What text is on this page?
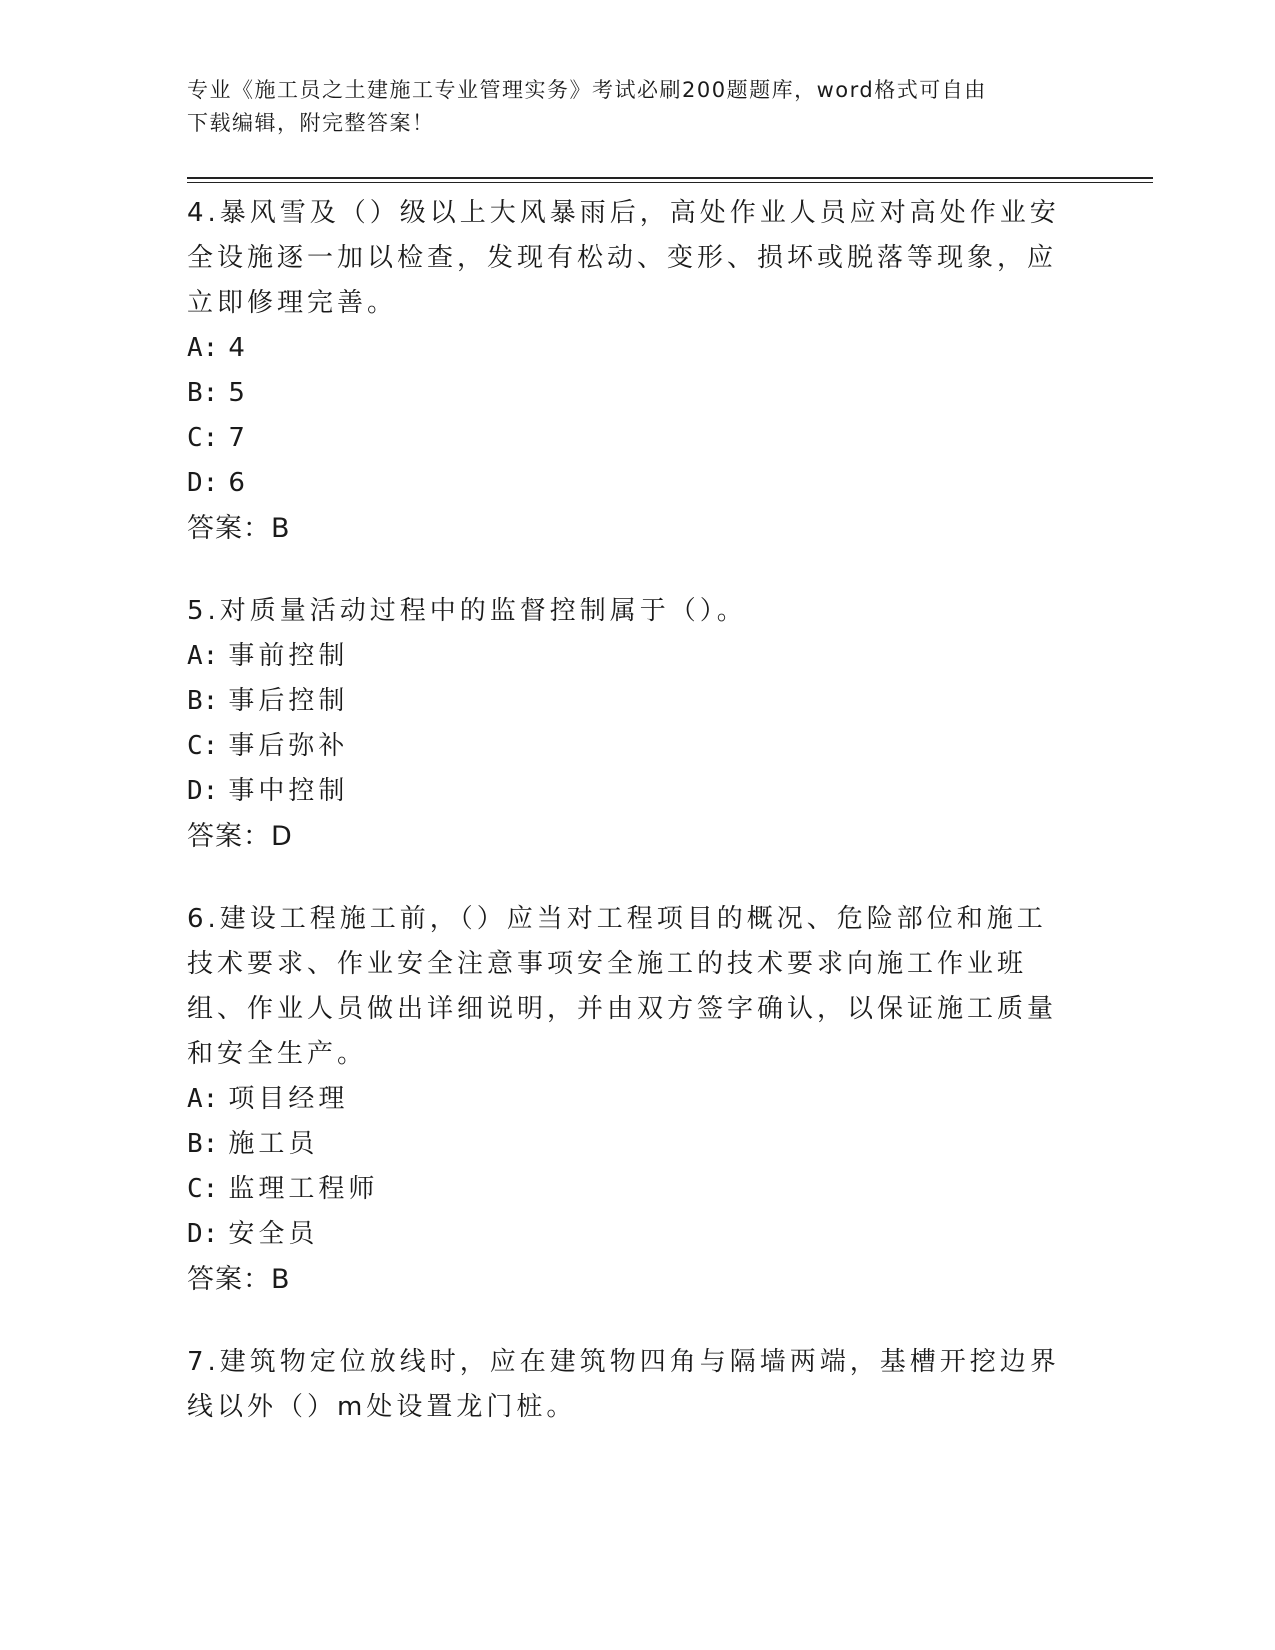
专业《施工员之土建施工专业管理实务》考试必刷200题题库，word格式可自由
下载编辑，附完整答案！

4.暴风雪及（）级以上大风暴雨后，高处作业人员应对高处作业安全设施逐一加以检查，发现有松动、变形、损坏或脱落等现象，应立即修理完善。

A: 4

B: 5

C: 7

D: 6

答案：B

5.对质量活动过程中的监督控制属于（）。

A: 事前控制

B: 事后控制

C: 事后弥补

D: 事中控制

答案：D

6.建设工程施工前，（）应当对工程项目的概况、危险部位和施工技术要求、作业安全注意事项安全施工的技术要求向施工作业班组、作业人员做出详细说明，并由双方签字确认，以保证施工质量和安全生产。

A: 项目经理

B: 施工员

C: 监理工程师

D: 安全员

答案：B

7.建筑物定位放线时，应在建筑物四角与隔墙两端，基槽开挖边界线以外（）m处设置龙门桩。
